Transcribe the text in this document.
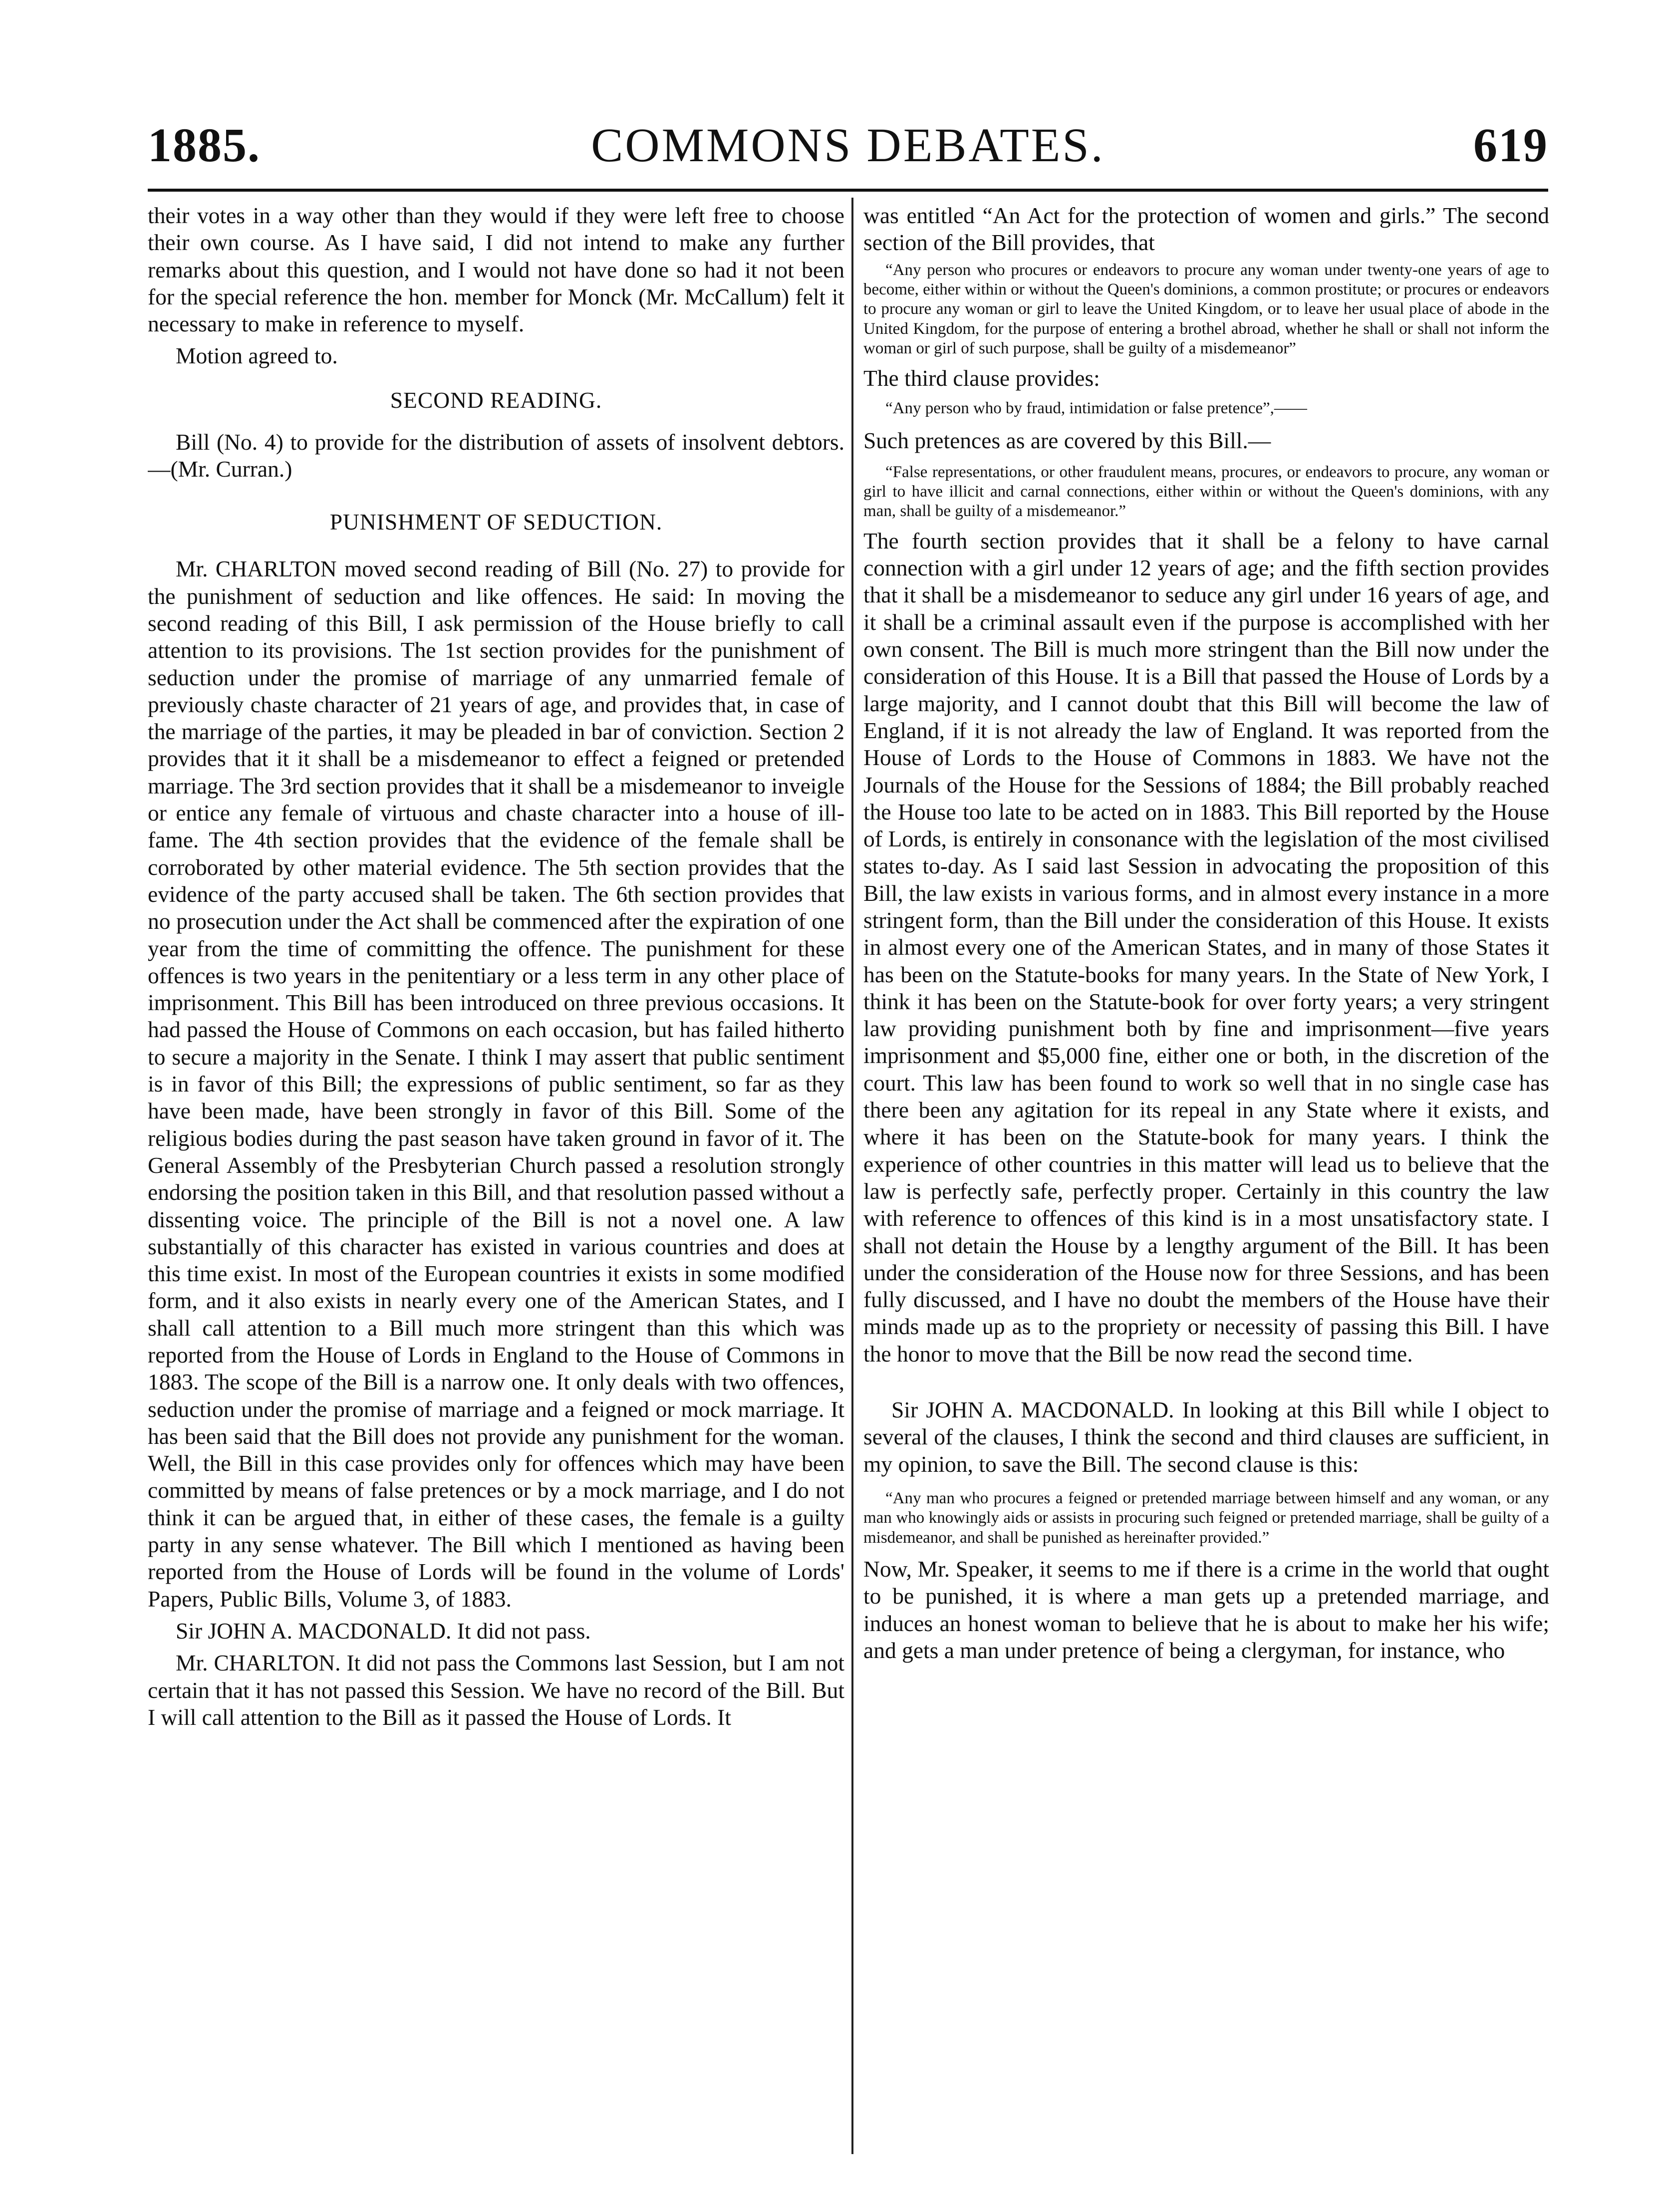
1885.	COMMONS DEBATES.	619

their votes in a way other than they would if they were left free to choose their own course. As I have said, I did not intend to make any further remarks about this question, and I would not have done so had it not been for the special reference the hon. member for Monck (Mr. McCallum) felt it necessary to make in reference to myself.

Motion agreed to.

SECOND READING.

Bill (No. 4) to provide for the distribution of assets of insolvent debtors.—(Mr. Curran.)

PUNISHMENT OF SEDUCTION.

Mr. CHARLTON moved second reading of Bill (No. 27) to provide for the punishment of seduction and like offences. He said: In moving the second reading of this Bill, I ask permission of the House briefly to call attention to its provisions. The 1st section provides for the punishment of seduction under the promise of marriage of any unmarried female of previously chaste character of 21 years of age, and provides that, in case of the marriage of the parties, it may be pleaded in bar of conviction. Section 2 provides that it it shall be a misdemeanor to effect a feigned or pretended marriage. The 3rd section provides that it shall be a misdemeanor to inveigle or entice any female of virtuous and chaste character into a house of ill-fame. The 4th section provides that the evidence of the female shall be corroborated by other material evidence. The 5th section provides that the evidence of the party accused shall be taken. The 6th section provides that no prosecution under the Act shall be commenced after the expiration of one year from the time of committing the offence. The punishment for these offences is two years in the penitentiary or a less term in any other place of imprisonment. This Bill has been introduced on three previous occasions. It had passed the House of Commons on each occasion, but has failed hitherto to secure a majority in the Senate. I think I may assert that public sentiment is in favor of this Bill; the expressions of public sentiment, so far as they have been made, have been strongly in favor of this Bill. Some of the religious bodies during the past season have taken ground in favor of it. The General Assembly of the Presbyterian Church passed a resolution strongly endorsing the position taken in this Bill, and that resolution passed without a dissenting voice. The principle of the Bill is not a novel one. A law substantially of this character has existed in various countries and does at this time exist. In most of the European countries it exists in some modified form, and it also exists in nearly every one of the American States, and I shall call attention to a Bill much more stringent than this which was reported from the House of Lords in England to the House of Commons in 1883. The scope of the Bill is a narrow one. It only deals with two offences, seduction under the promise of marriage and a feigned or mock marriage. It has been said that the Bill does not provide any punishment for the woman. Well, the Bill in this case provides only for offences which may have been committed by means of false pretences or by a mock marriage, and I do not think it can be argued that, in either of these cases, the female is a guilty party in any sense whatever. The Bill which I mentioned as having been reported from the House of Lords will be found in the volume of Lords' Papers, Public Bills, Volume 3, of 1883.

Sir JOHN A. MACDONALD. It did not pass.

Mr. CHARLTON. It did not pass the Commons last Session, but I am not certain that it has not passed this Session. We have no record of the Bill. But I will call attention to the Bill as it passed the House of Lords. It

was entitled “An Act for the protection of women and girls.” The second section of the Bill provides, that

“Any person who procures or endeavors to procure any woman under twenty-one years of age to become, either within or without the Queen's dominions, a common prostitute; or procures or endeavors to procure any woman or girl to leave the United Kingdom, or to leave her usual place of abode in the United Kingdom, for the purpose of entering a brothel abroad, whether he shall or shall not inform the woman or girl of such purpose, shall be guilty of a misdemeanor”

The third clause provides:

“Any person who by fraud, intimidation or false pretence”,——

Such pretences as are covered by this Bill.—

“False representations, or other fraudulent means, procures, or endeavors to procure, any woman or girl to have illicit and carnal connections, either within or without the Queen's dominions, with any man, shall be guilty of a misdemeanor.”

The fourth section provides that it shall be a felony to have carnal connection with a girl under 12 years of age; and the fifth section provides that it shall be a misdemeanor to seduce any girl under 16 years of age, and it shall be a criminal assault even if the purpose is accomplished with her own consent. The Bill is much more stringent than the Bill now under the consideration of this House. It is a Bill that passed the House of Lords by a large majority, and I cannot doubt that this Bill will become the law of England, if it is not already the law of England. It was reported from the House of Lords to the House of Commons in 1883. We have not the Journals of the House for the Sessions of 1884; the Bill probably reached the House too late to be acted on in 1883. This Bill reported by the House of Lords, is entirely in consonance with the legislation of the most civilised states to-day. As I said last Session in advocating the proposition of this Bill, the law exists in various forms, and in almost every instance in a more stringent form, than the Bill under the consideration of this House. It exists in almost every one of the American States, and in many of those States it has been on the Statute-books for many years. In the State of New York, I think it has been on the Statute-book for over forty years; a very stringent law providing punishment both by fine and imprisonment—five years imprisonment and $5,000 fine, either one or both, in the discretion of the court. This law has been found to work so well that in no single case has there been any agitation for its repeal in any State where it exists, and where it has been on the Statute-book for many years. I think the experience of other countries in this matter will lead us to believe that the law is perfectly safe, perfectly proper. Certainly in this country the law with reference to offences of this kind is in a most unsatisfactory state. I shall not detain the House by a lengthy argument of the Bill. It has been under the consideration of the House now for three Sessions, and has been fully discussed, and I have no doubt the members of the House have their minds made up as to the propriety or necessity of passing this Bill. I have the honor to move that the Bill be now read the second time.

Sir JOHN A. MACDONALD. In looking at this Bill while I object to several of the clauses, I think the second and third clauses are sufficient, in my opinion, to save the Bill. The second clause is this:

“Any man who procures a feigned or pretended marriage between himself and any woman, or any man who knowingly aids or assists in procuring such feigned or pretended marriage, shall be guilty of a misdemeanor, and shall be punished as hereinafter provided.”

Now, Mr. Speaker, it seems to me if there is a crime in the world that ought to be punished, it is where a man gets up a pretended marriage, and induces an honest woman to believe that he is about to make her his wife; and gets a man under pretence of being a clergyman, for instance, who
